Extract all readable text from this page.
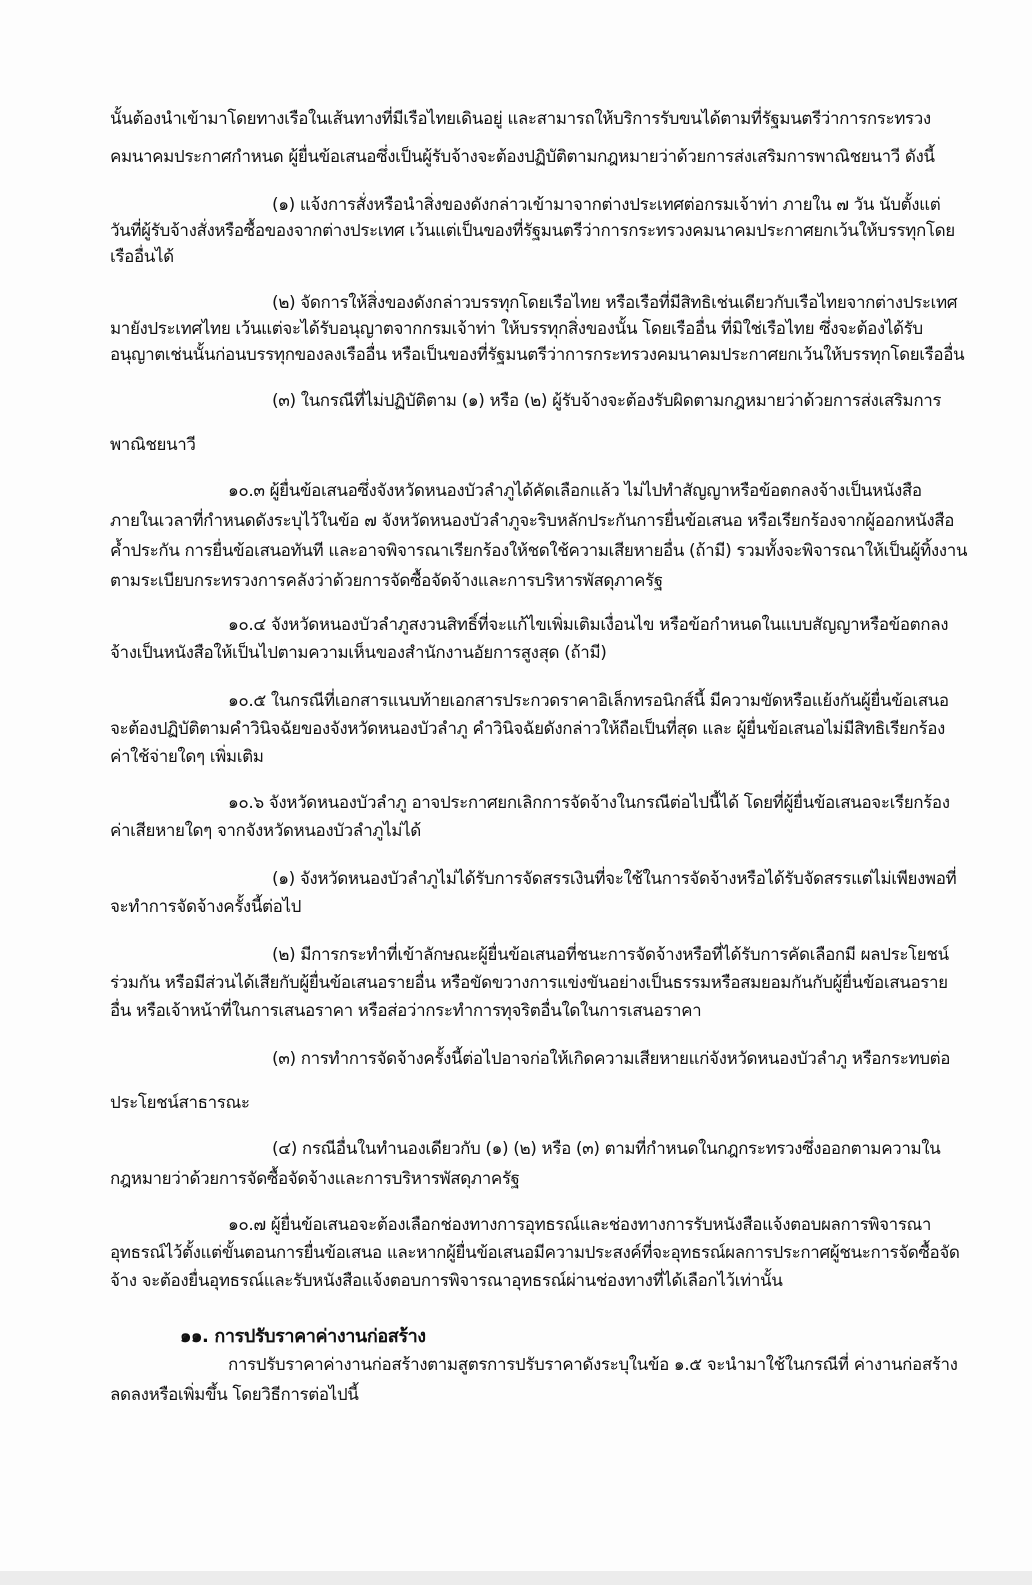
นั้นต้องนำเข้ามาโดยทางเรือในเส้นทางที่มีเรือไทยเดินอยู่ และสามารถให้บริการรับขนได้ตามที่รัฐมนตรีว่าการกระทรวง
คมนาคมประกาศกำหนด ผู้ยื่นข้อเสนอซึ่งเป็นผู้รับจ้างจะต้องปฏิบัติตามกฎหมายว่าด้วยการส่งเสริมการพาณิชยนาวี ดังนี้
(๑) แจ้งการสั่งหรือนำสิ่งของดังกล่าวเข้ามาจากต่างประเทศต่อกรมเจ้าท่า ภายใน ๗ วัน นับตั้งแต่
วันที่ผู้รับจ้างสั่งหรือซื้อของจากต่างประเทศ เว้นแต่เป็นของที่รัฐมนตรีว่าการกระทรวงคมนาคมประกาศยกเว้นให้บรรทุกโดย
เรืออื่นได้
(๒) จัดการให้สิ่งของดังกล่าวบรรทุกโดยเรือไทย หรือเรือที่มีสิทธิเช่นเดียวกับเรือไทยจากต่างประเทศ
มายังประเทศไทย เว้นแต่จะได้รับอนุญาตจากกรมเจ้าท่า ให้บรรทุกสิ่งของนั้น โดยเรืออื่น ที่มิใช่เรือไทย ซึ่งจะต้องได้รับ
อนุญาตเช่นนั้นก่อนบรรทุกของลงเรืออื่น หรือเป็นของที่รัฐมนตรีว่าการกระทรวงคมนาคมประกาศยกเว้นให้บรรทุกโดยเรืออื่น
(๓) ในกรณีที่ไม่ปฏิบัติตาม (๑) หรือ (๒) ผู้รับจ้างจะต้องรับผิดตามกฎหมายว่าด้วยการส่งเสริมการ
พาณิชยนาวี
๑๐.๓ ผู้ยื่นข้อเสนอซึ่งจังหวัดหนองบัวลำภูได้คัดเลือกแล้ว ไม่ไปทำสัญญาหรือข้อตกลงจ้างเป็นหนังสือ
ภายในเวลาที่กำหนดดังระบุไว้ในข้อ ๗ จังหวัดหนองบัวลำภูจะริบหลักประกันการยื่นข้อเสนอ หรือเรียกร้องจากผู้ออกหนังสือ
ค้ำประกัน การยื่นข้อเสนอทันที และอาจพิจารณาเรียกร้องให้ชดใช้ความเสียหายอื่น (ถ้ามี) รวมทั้งจะพิจารณาให้เป็นผู้ทิ้งงาน
ตามระเบียบกระทรวงการคลังว่าด้วยการจัดซื้อจัดจ้างและการบริหารพัสดุภาครัฐ
๑๐.๔ จังหวัดหนองบัวลำภูสงวนสิทธิ์ที่จะแก้ไขเพิ่มเติมเงื่อนไข หรือข้อกำหนดในแบบสัญญาหรือข้อตกลง
จ้างเป็นหนังสือให้เป็นไปตามความเห็นของสำนักงานอัยการสูงสุด (ถ้ามี)
๑๐.๕ ในกรณีที่เอกสารแนบท้ายเอกสารประกวดราคาอิเล็กทรอนิกส์นี้ มีความขัดหรือแย้งกันผู้ยื่นข้อเสนอ
จะต้องปฏิบัติตามคำวินิจฉัยของจังหวัดหนองบัวลำภู คำวินิจฉัยดังกล่าวให้ถือเป็นที่สุด และ ผู้ยื่นข้อเสนอไม่มีสิทธิเรียกร้อง
ค่าใช้จ่ายใดๆ เพิ่มเติม
๑๐.๖ จังหวัดหนองบัวลำภู อาจประกาศยกเลิกการจัดจ้างในกรณีต่อไปนี้ได้ โดยที่ผู้ยื่นข้อเสนอจะเรียกร้อง
ค่าเสียหายใดๆ จากจังหวัดหนองบัวลำภูไม่ได้
(๑) จังหวัดหนองบัวลำภูไม่ได้รับการจัดสรรเงินที่จะใช้ในการจัดจ้างหรือได้รับจัดสรรแต่ไม่เพียงพอที่
จะทำการจัดจ้างครั้งนี้ต่อไป
(๒) มีการกระทำที่เข้าลักษณะผู้ยื่นข้อเสนอที่ชนะการจัดจ้างหรือที่ได้รับการคัดเลือกมี ผลประโยชน์
ร่วมกัน หรือมีส่วนได้เสียกับผู้ยื่นข้อเสนอรายอื่น หรือขัดขวางการแข่งขันอย่างเป็นธรรมหรือสมยอมกันกับผู้ยื่นข้อเสนอราย
อื่น หรือเจ้าหน้าที่ในการเสนอราคา หรือส่อว่ากระทำการทุจริตอื่นใดในการเสนอราคา
(๓) การทำการจัดจ้างครั้งนี้ต่อไปอาจก่อให้เกิดความเสียหายแก่จังหวัดหนองบัวลำภู หรือกระทบต่อ
ประโยชน์สาธารณะ
(๔) กรณีอื่นในทำนองเดียวกับ (๑) (๒) หรือ (๓) ตามที่กำหนดในกฎกระทรวงซึ่งออกตามความใน
กฎหมายว่าด้วยการจัดซื้อจัดจ้างและการบริหารพัสดุภาครัฐ
๑๐.๗ ผู้ยื่นข้อเสนอจะต้องเลือกช่องทางการอุทธรณ์และช่องทางการรับหนังสือแจ้งตอบผลการพิจารณา
อุทธรณ์ไว้ตั้งแต่ขั้นตอนการยื่นข้อเสนอ และหากผู้ยื่นข้อเสนอมีความประสงค์ที่จะอุทธรณ์ผลการประกาศผู้ชนะการจัดซื้อจัด
จ้าง จะต้องยื่นอุทธรณ์และรับหนังสือแจ้งตอบการพิจารณาอุทธรณ์ผ่านช่องทางที่ได้เลือกไว้เท่านั้น
๑๑. การปรับราคาค่างานก่อสร้าง
การปรับราคาค่างานก่อสร้างตามสูตรการปรับราคาดังระบุในข้อ ๑.๕ จะนำมาใช้ในกรณีที่ ค่างานก่อสร้าง
ลดลงหรือเพิ่มขึ้น โดยวิธีการต่อไปนี้
